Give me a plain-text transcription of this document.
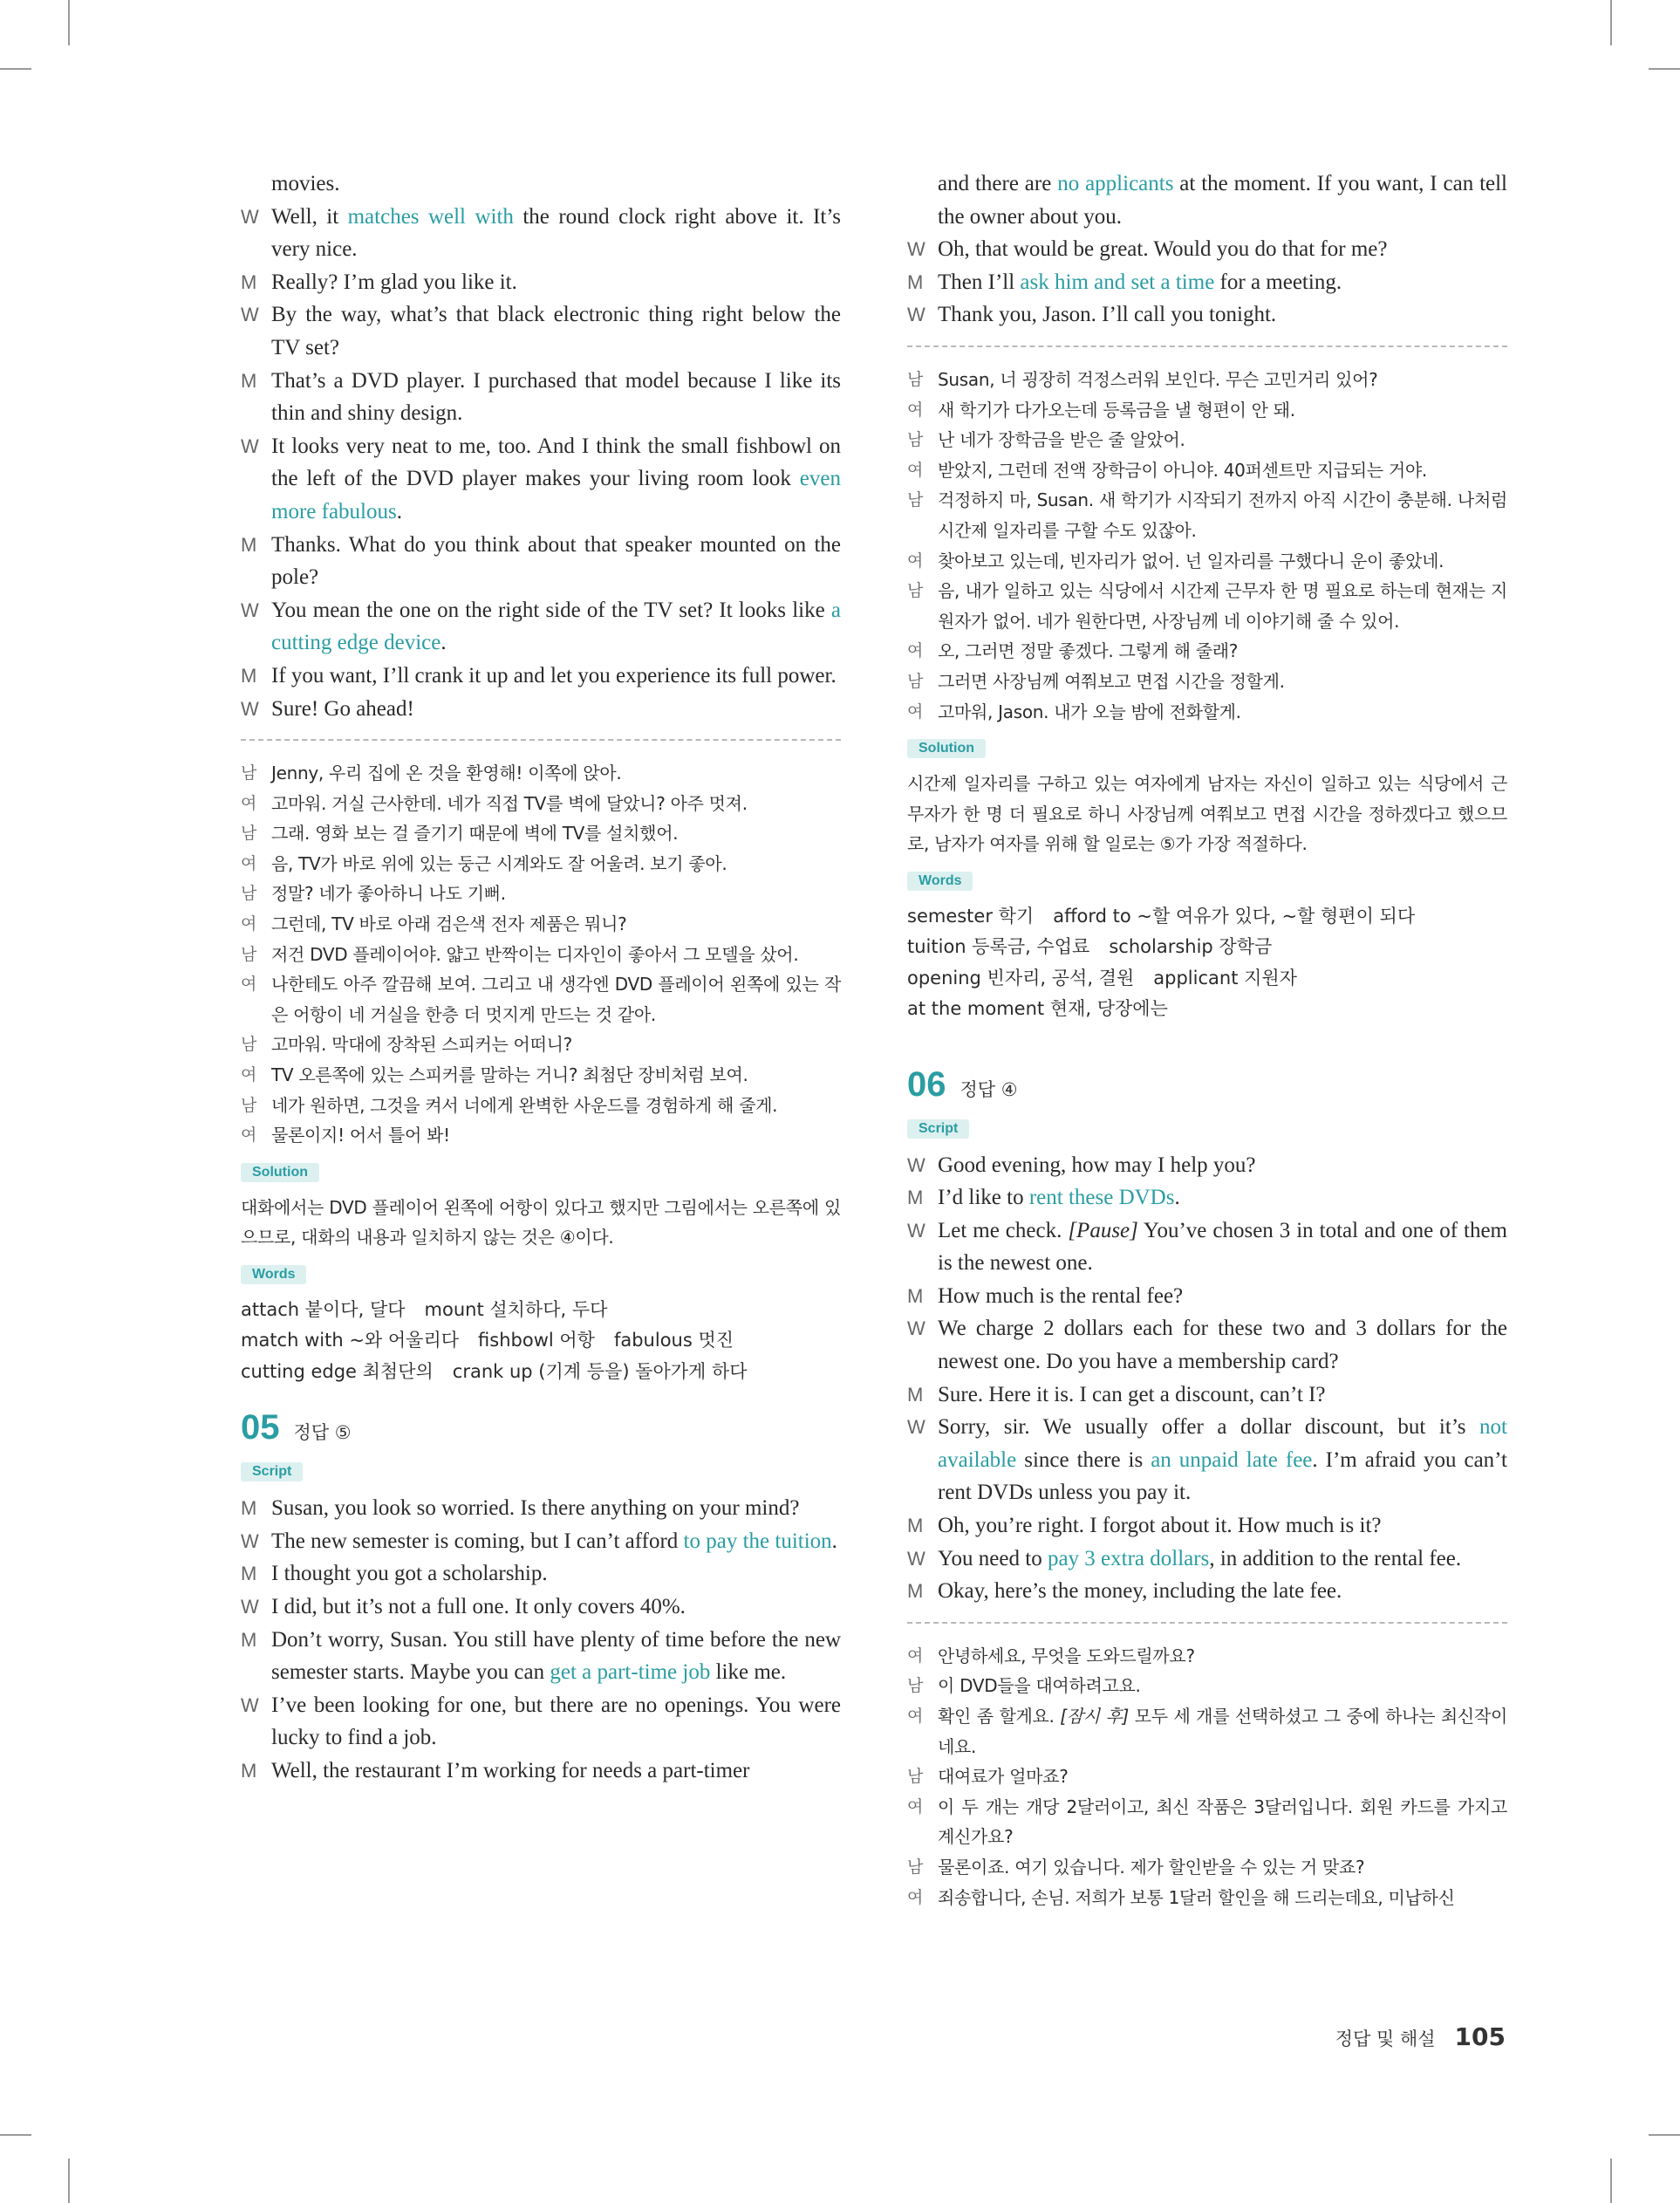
movies.
W Well, it matches well with the round clock right above it. It’s very nice.
M Really? I’m glad you like it.
W By the way, what’s that black electronic thing right below the TV set?
M That’s a DVD player. I purchased that model because I like its thin and shiny design.
W It looks very neat to me, too. And I think the small fishbowl on the left of the DVD player makes your living room look even more fabulous.
M Thanks. What do you think about that speaker mounted on the pole?
W You mean the one on the right side of the TV set? It looks like a cutting edge device.
M If you want, I’ll crank it up and let you experience its full power.
W Sure! Go ahead!
남 Jenny, 우리 집에 온 것을 환영해! 이쪽에 앉아.
여 고마워. 거실 근사한데. 네가 직접 TV를 벽에 달았니? 아주 멋져.
남 그래. 영화 보는 걸 즐기기 때문에 벽에 TV를 설치했어.
여 음, TV가 바로 위에 있는 둥근 시계와도 잘 어울려. 보기 좋아.
남 정말? 네가 좋아하니 나도 기뻐.
여 그런데, TV 바로 아래 검은색 전자 제품은 뭐니?
남 저건 DVD 플레이어야. 얇고 반짝이는 디자인이 좋아서 그 모델을 샀어.
여 나한테도 아주 깔끔해 보여. 그리고 내 생각엔 DVD 플레이어 왼쪽에 있는 작은 어항이 네 거실을 한층 더 멋지게 만드는 것 같아.
남 고마워. 막대에 장착된 스피커는 어떠니?
여 TV 오른쪽에 있는 스피커를 말하는 거니? 최첨단 장비처럼 보여.
남 네가 원하면, 그것을 켜서 너에게 완벽한 사운드를 경험하게 해 줄게.
여 물론이지! 어서 틀어 봐!
Solution
대화에서는 DVD 플레이어 왼쪽에 어항이 있다고 했지만 그림에서는 오른쪽에 있으므로, 대화의 내용과 일치하지 않는 것은 ④이다.
Words
attach 붙이다, 달다 mount 설치하다, 두다
match with ~와 어울리다 fishbowl 어항 fabulous 멋진
cutting edge 최첨단의 crank up (기계 등을) 돌아가게 하다
05 정답 ⑤
Script
M Susan, you look so worried. Is there anything on your mind?
W The new semester is coming, but I can’t afford to pay the tuition.
M I thought you got a scholarship.
W I did, but it’s not a full one. It only covers 40%.
M Don’t worry, Susan. You still have plenty of time before the new semester starts. Maybe you can get a part-time job like me.
W I’ve been looking for one, but there are no openings. You were lucky to find a job.
M Well, the restaurant I’m working for needs a part-timer
and there are no applicants at the moment. If you want, I can tell the owner about you.
W Oh, that would be great. Would you do that for me?
M Then I’ll ask him and set a time for a meeting.
W Thank you, Jason. I’ll call you tonight.
남 Susan, 너 굉장히 걱정스러워 보인다. 무슨 고민거리 있어?
여 새 학기가 다가오는데 등록금을 낼 형편이 안 돼.
남 난 네가 장학금을 받은 줄 알았어.
여 받았지, 그런데 전액 장학금이 아니야. 40퍼센트만 지급되는 거야.
남 걱정하지 마, Susan. 새 학기가 시작되기 전까지 아직 시간이 충분해. 나처럼 시간제 일자리를 구할 수도 있잖아.
여 찾아보고 있는데, 빈자리가 없어. 넌 일자리를 구했다니 운이 좋았네.
남 음, 내가 일하고 있는 식당에서 시간제 근무자 한 명 필요로 하는데 현재는 지원자가 없어. 네가 원한다면, 사장님께 네 이야기해 줄 수 있어.
여 오, 그러면 정말 좋겠다. 그렇게 해 줄래?
남 그러면 사장님께 여쭤보고 면접 시간을 정할게.
여 고마워, Jason. 내가 오늘 밤에 전화할게.
Solution
시간제 일자리를 구하고 있는 여자에게 남자는 자신이 일하고 있는 식당에서 근무자가 한 명 더 필요로 하니 사장님께 여쭤보고 면접 시간을 정하겠다고 했으므로, 남자가 여자를 위해 할 일로는 ⑤가 가장 적절하다.
Words
semester 학기 afford to ~할 여유가 있다, ~할 형편이 되다
tuition 등록금, 수업료 scholarship 장학금
opening 빈자리, 공석, 결원 applicant 지원자
at the moment 현재, 당장에는
06 정답 ④
Script
W Good evening, how may I help you?
M I’d like to rent these DVDs.
W Let me check. [Pause] You’ve chosen 3 in total and one of them is the newest one.
M How much is the rental fee?
W We charge 2 dollars each for these two and 3 dollars for the newest one. Do you have a membership card?
M Sure. Here it is. I can get a discount, can’t I?
W Sorry, sir. We usually offer a dollar discount, but it’s not available since there is an unpaid late fee. I’m afraid you can’t rent DVDs unless you pay it.
M Oh, you’re right. I forgot about it. How much is it?
W You need to pay 3 extra dollars, in addition to the rental fee.
M Okay, here’s the money, including the late fee.
여 안녕하세요, 무엇을 도와드릴까요?
남 이 DVD들을 대여하려고요.
여 확인 좀 할게요. [잠시 후] 모두 세 개를 선택하셨고 그 중에 하나는 최신작이네요.
남 대여료가 얼마죠?
여 이 두 개는 개당 2달러이고, 최신 작품은 3달러입니다. 회원 카드를 가지고 계신가요?
남 물론이죠. 여기 있습니다. 제가 할인받을 수 있는 거 맞죠?
여 죄송합니다, 손님. 저희가 보통 1달러 할인을 해 드리는데요, 미납하신
정답 및 해설 105
